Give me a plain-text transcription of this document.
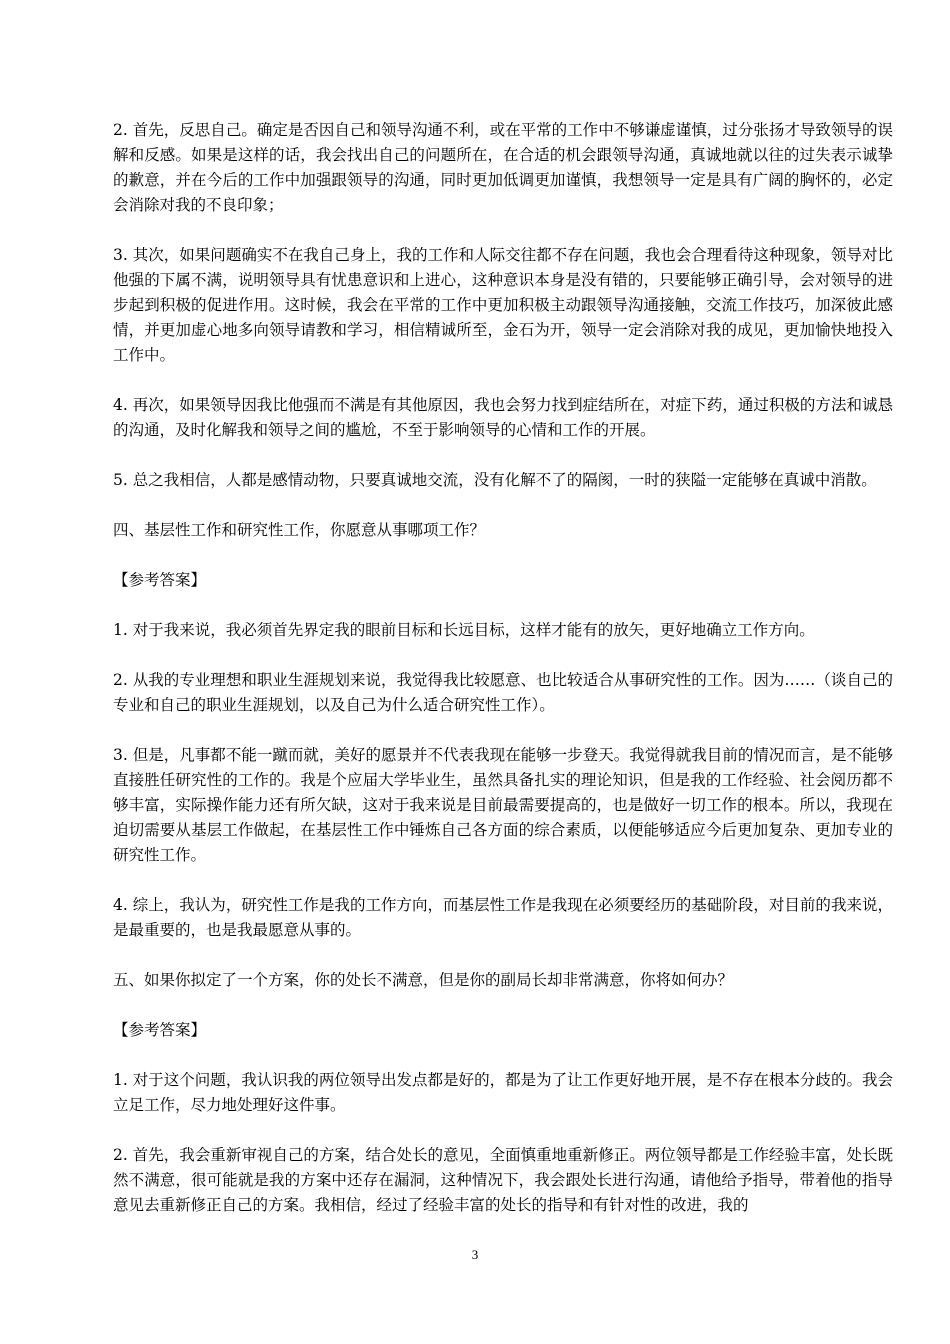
2. 首先，反思自己。确定是否因自己和领导沟通不利，或在平常的工作中不够谦虚谨慎，过分张扬才导致领导的误解和反感。如果是这样的话，我会找出自己的问题所在，在合适的机会跟领导沟通，真诚地就以往的过失表示诚挚的歉意，并在今后的工作中加强跟领导的沟通，同时更加低调更加谨慎，我想领导一定是具有广阔的胸怀的，必定会消除对我的不良印象；

3. 其次，如果问题确实不在我自己身上，我的工作和人际交往都不存在问题，我也会合理看待这种现象，领导对比他强的下属不满，说明领导具有忧患意识和上进心，这种意识本身是没有错的，只要能够正确引导，会对领导的进步起到积极的促进作用。这时候，我会在平常的工作中更加积极主动跟领导沟通接触，交流工作技巧，加深彼此感情，并更加虚心地多向领导请教和学习，相信精诚所至，金石为开，领导一定会消除对我的成见，更加愉快地投入工作中。

4. 再次，如果领导因我比他强而不满是有其他原因，我也会努力找到症结所在，对症下药，通过积极的方法和诚恳的沟通，及时化解我和领导之间的尴尬，不至于影响领导的心情和工作的开展。

5. 总之我相信，人都是感情动物，只要真诚地交流，没有化解不了的隔阂，一时的狭隘一定能够在真诚中消散。

四、基层性工作和研究性工作，你愿意从事哪项工作？

【参考答案】

1. 对于我来说，我必须首先界定我的眼前目标和长远目标，这样才能有的放矢，更好地确立工作方向。

2. 从我的专业理想和职业生涯规划来说，我觉得我比较愿意、也比较适合从事研究性的工作。因为……（谈自己的专业和自己的职业生涯规划，以及自己为什么适合研究性工作）。

3. 但是，凡事都不能一蹴而就，美好的愿景并不代表我现在能够一步登天。我觉得就我目前的情况而言，是不能够直接胜任研究性的工作的。我是个应届大学毕业生，虽然具备扎实的理论知识，但是我的工作经验、社会阅历都不够丰富，实际操作能力还有所欠缺，这对于我来说是目前最需要提高的，也是做好一切工作的根本。所以，我现在迫切需要从基层工作做起，在基层性工作中锤炼自己各方面的综合素质，以便能够适应今后更加复杂、更加专业的研究性工作。

4. 综上，我认为，研究性工作是我的工作方向，而基层性工作是我现在必须要经历的基础阶段，对目前的我来说，是最重要的，也是我最愿意从事的。

五、如果你拟定了一个方案，你的处长不满意，但是你的副局长却非常满意，你将如何办？

【参考答案】

1. 对于这个问题，我认识我的两位领导出发点都是好的，都是为了让工作更好地开展，是不存在根本分歧的。我会立足工作，尽力地处理好这件事。

2. 首先，我会重新审视自己的方案，结合处长的意见，全面慎重地重新修正。两位领导都是工作经验丰富，处长既然不满意，很可能就是我的方案中还存在漏洞，这种情况下，我会跟处长进行沟通，请他给予指导，带着他的指导意见去重新修正自己的方案。我相信，经过了经验丰富的处长的指导和有针对性的改进，我的

3
